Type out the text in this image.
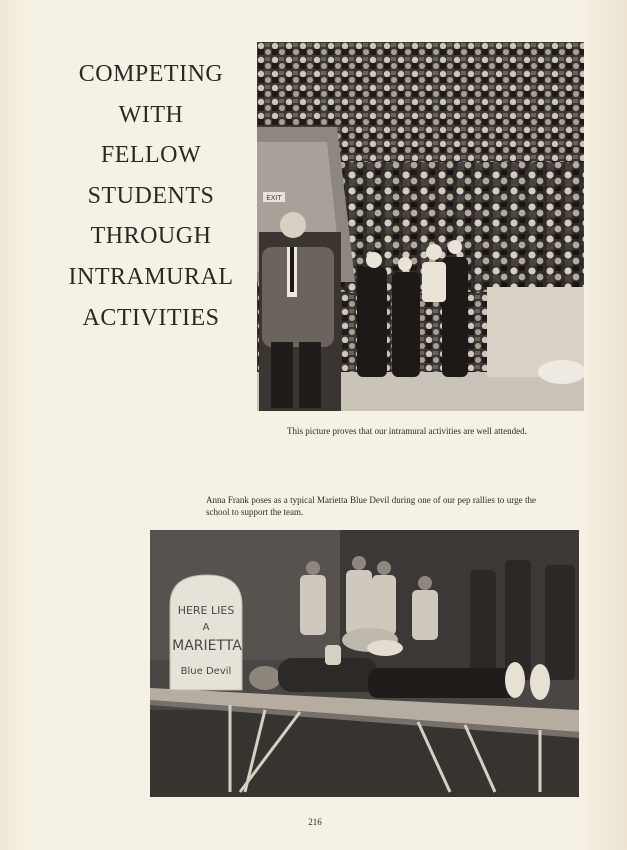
COMPETING
WITH
FELLOW
STUDENTS
THROUGH
INTRAMURAL
ACTIVITIES
EXIT

This picture proves that our intramural activities are well attended.

Anna Frank poses as a typical Marietta Blue Devil during one of our pep rallies to urge the school to support the team.

HERE LIES
A
MARIETTA
Blue Devil
216
